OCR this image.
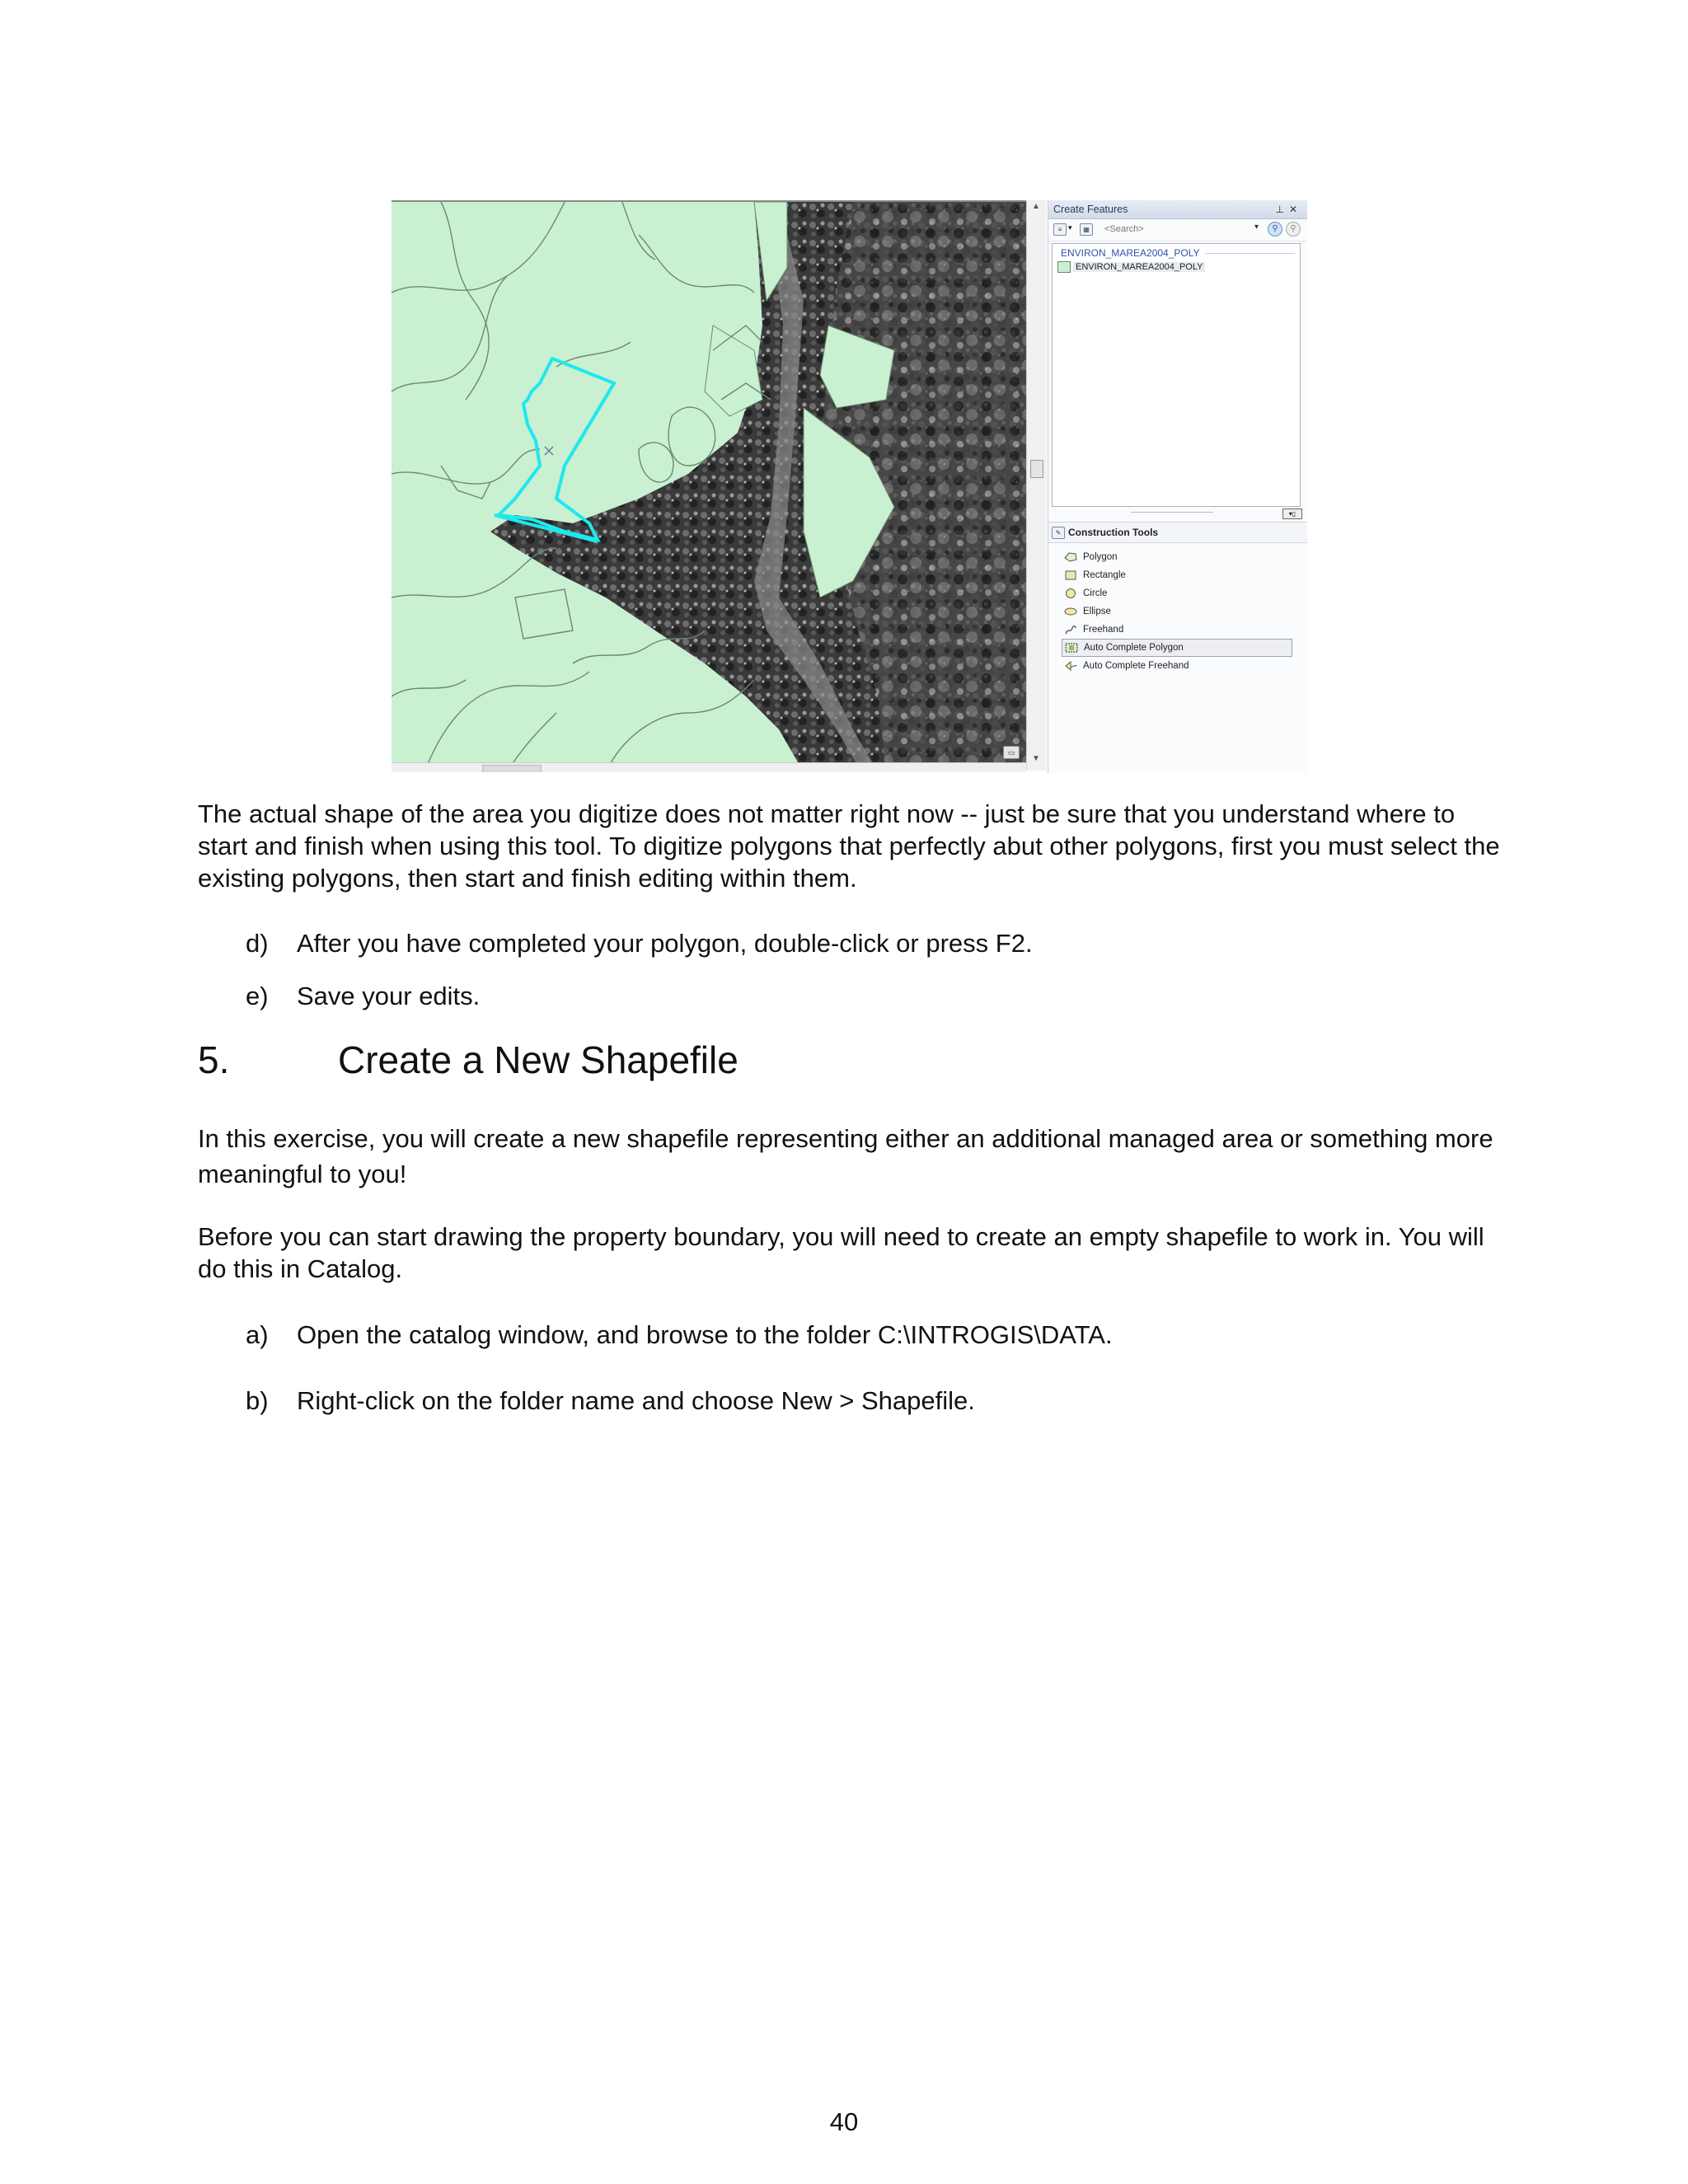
▭
▲
▼
Create Features	⊥✕
≡ ▾	▦
<Search>	▾	⚲	⚲
ENVIRON_MAREA2004_POLY
ENVIRON_MAREA2004_POLY
▾▯
✎ Construction Tools
Polygon
Rectangle
Circle
Ellipse
Freehand
Auto Complete Polygon
Auto Complete Freehand

The actual shape of the area you digitize does not matter right now -- just be sure that you understand where to start and finish when using this tool. To digitize polygons that perfectly abut other polygons, first you must select the existing polygons, then start and finish editing within them.

d)	After you have completed your polygon, double-click or press F2.
e)	Save your edits.
5.	Create a New Shapefile

In this exercise, you will create a new shapefile representing either an additional managed area or something more meaningful to you!

Before you can start drawing the property boundary, you will need to create an empty shapefile to work in. You will do this in Catalog.

a)	Open the catalog window, and browse to the folder C:\INTROGIS\DATA.
b)	Right-click on the folder name and choose New > Shapefile.
40
